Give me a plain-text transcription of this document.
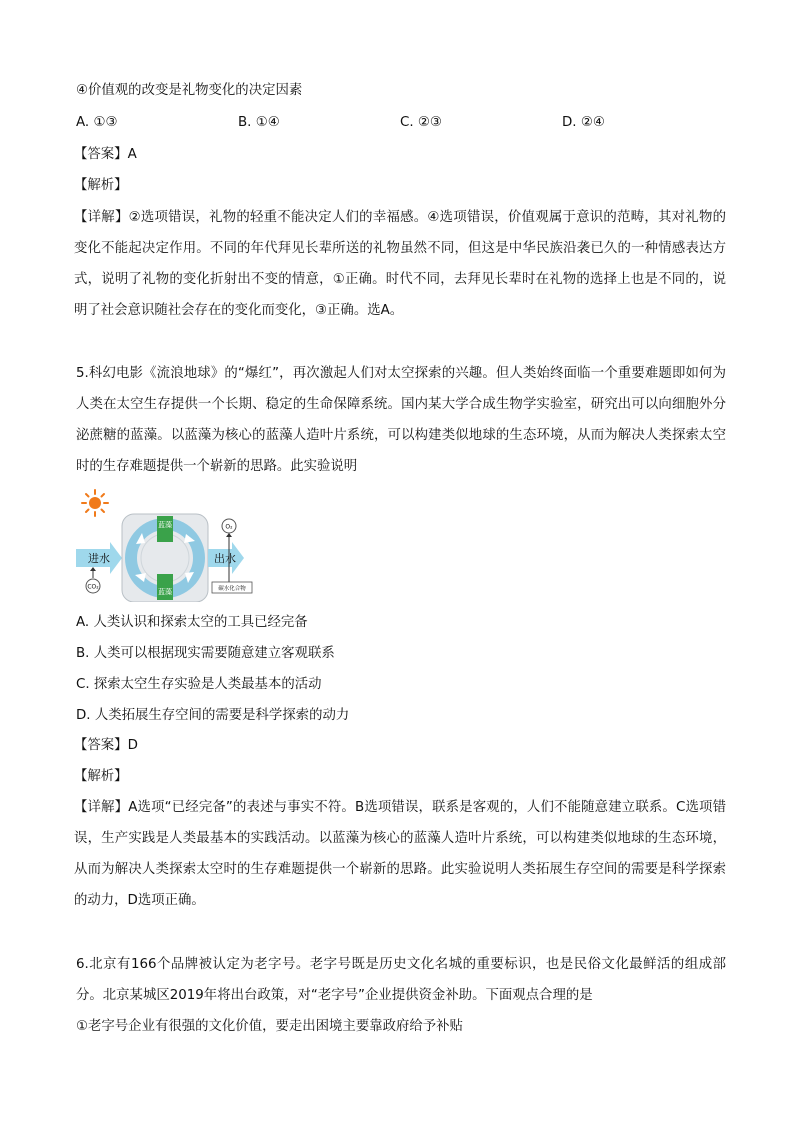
④价值观的改变是礼物变化的决定因素
A. ①③	B. ①④	C. ②③	D. ②④
【答案】A
【解析】
【详解】②选项错误，礼物的轻重不能决定人们的幸福感。④选项错误，价值观属于意识的范畴，其对礼物的变化不能起决定作用。不同的年代拜见长辈所送的礼物虽然不同，但这是中华民族沿袭已久的一种情感表达方式，说明了礼物的变化折射出不变的情意，①正确。时代不同，去拜见长辈时在礼物的选择上也是不同的，说明了社会意识随社会存在的变化而变化，③正确。选A。
5.科幻电影《流浪地球》的“爆红”，再次激起人们对太空探索的兴趣。但人类始终面临一个重要难题即如何为人类在太空生存提供一个长期、稳定的生命保障系统。国内某大学合成生物学实验室，研究出可以向细胞外分泌蔗糖的蓝藻。以蓝藻为核心的蓝藻人造叶片系统，可以构建类似地球的生态环境，从而为解决人类探索太空时的生存难题提供一个崭新的思路。此实验说明
进水
CO₂
蓝藻
蓝藻
出水
O₂
碳水化合物
A. 人类认识和探索太空的工具已经完备
B. 人类可以根据现实需要随意建立客观联系
C. 探索太空生存实验是人类最基本的活动
D. 人类拓展生存空间的需要是科学探索的动力
【答案】D
【解析】
【详解】A选项“已经完备”的表述与事实不符。B选项错误，联系是客观的，人们不能随意建立联系。C选项错误，生产实践是人类最基本的实践活动。以蓝藻为核心的蓝藻人造叶片系统，可以构建类似地球的生态环境，从而为解决人类探索太空时的生存难题提供一个崭新的思路。此实验说明人类拓展生存空间的需要是科学探索的动力，D选项正确。
6.北京有166个品牌被认定为老字号。老字号既是历史文化名城的重要标识，也是民俗文化最鲜活的组成部分。北京某城区2019年将出台政策，对“老字号”企业提供资金补助。下面观点合理的是
①老字号企业有很强的文化价值，要走出困境主要靠政府给予补贴
